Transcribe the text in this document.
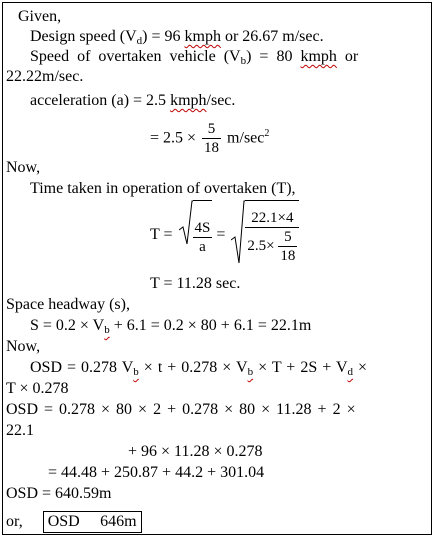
Given,
Design speed $(V_d) = 96$ kmph or 26.67 m/sec.
Speed of overtaken vehicle $(V_b) = 80$ kmph or
22.22m/sec.
acceleration (a) = 2.5 kmph/sec.
= $2.5 \times \frac{5}{18} m/\sec^2$
Now,
Time taken in operation of overtaken (T),
$T = \frac{4S}{a} = \frac{22.1\times 4}{2.5\times \frac{5}{18}}$
T = 11.28 sec.
Space headway (s),
$S = 0.2 \times V_b + 6.1 = 0.2 \times 80 + 6.1 = 22.1m$
Now,
OSD = 0.278 $V_b \times t + 0.278 \times V_b \times T + 2S + V_d$ ×
T × 0.278
OSD = 0.278 × 80 × 2 + 0.278 × 80 × 11.28 + 2 ×
22.1
+ 96 × 11.28 × 0.278
= 44.48 + 250.87 + 44.2 + 301.04
OSD = 640.59m
or, OSD   646m
